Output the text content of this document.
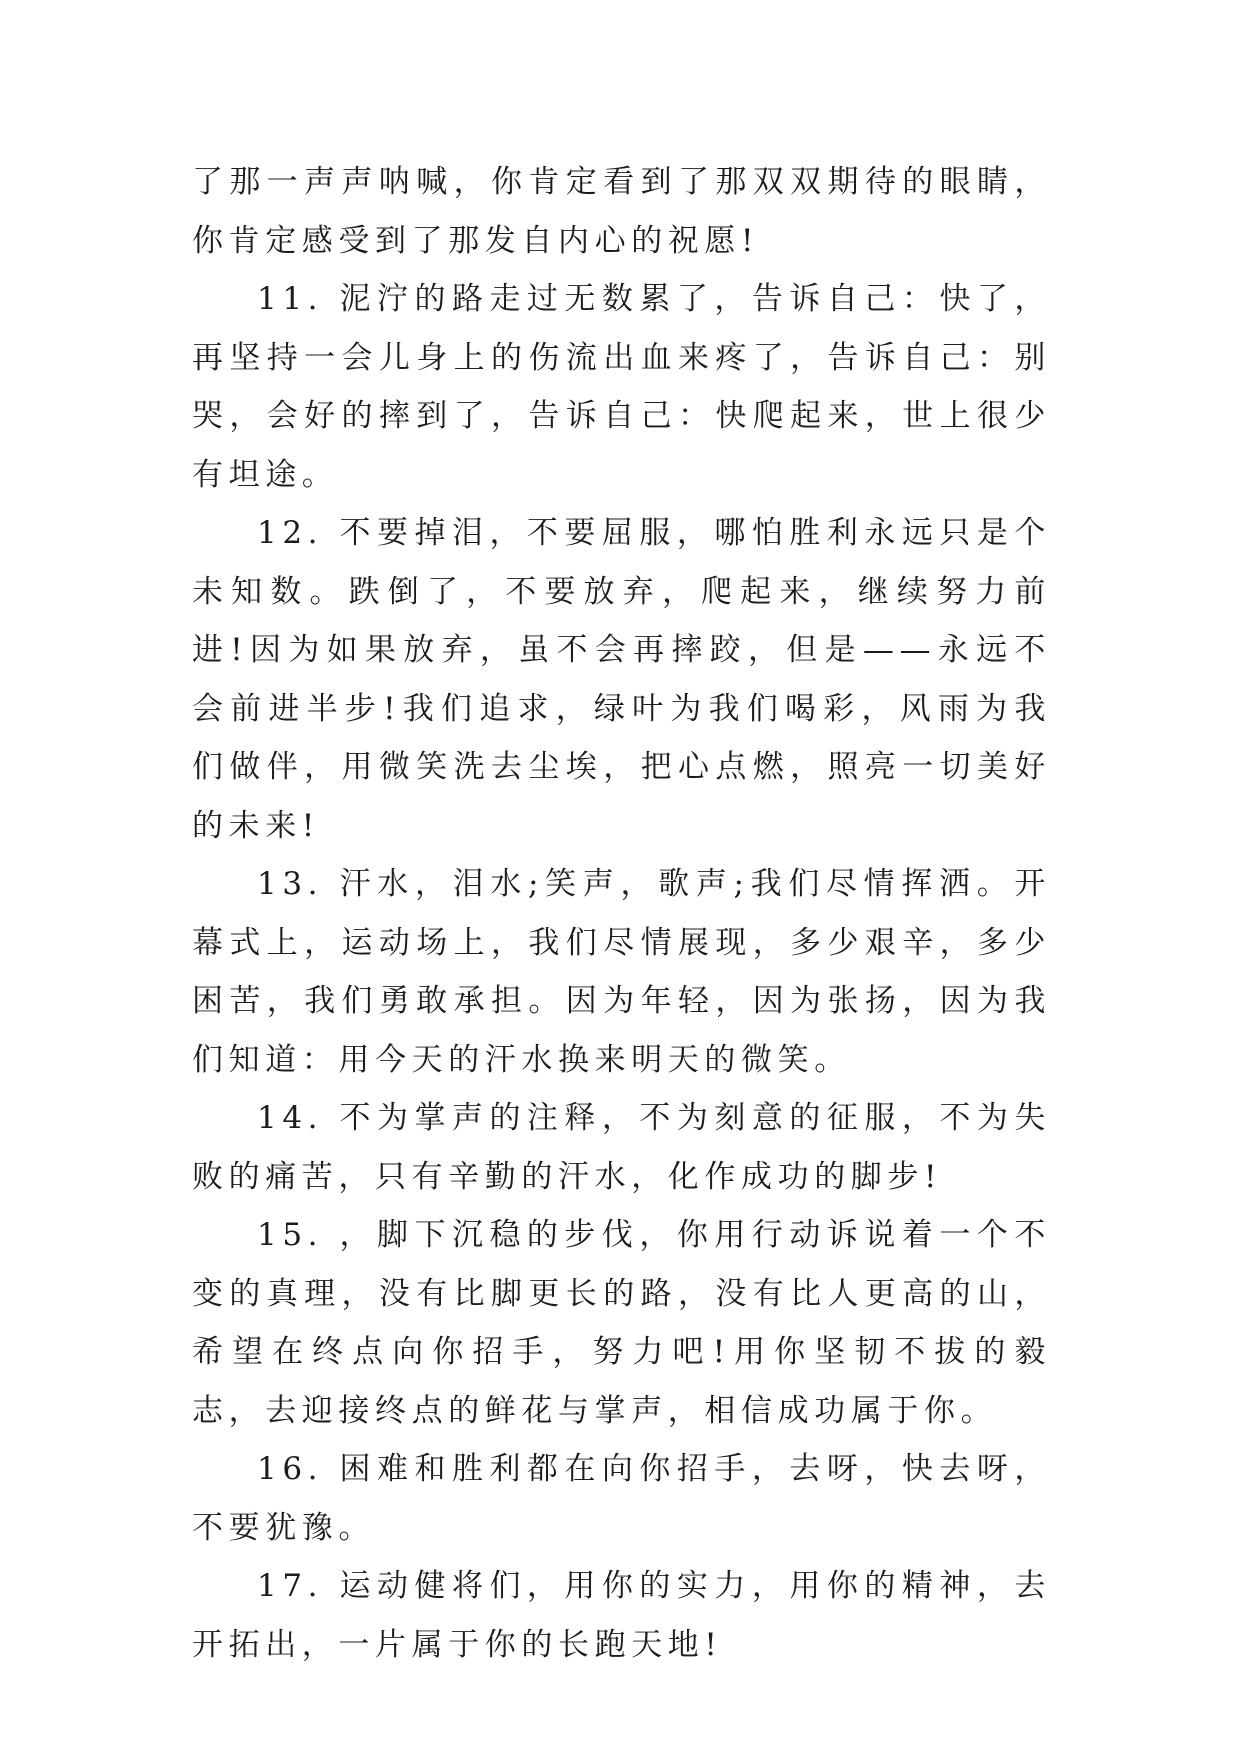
了那一声声呐喊，你肯定看到了那双双期待的眼睛，你肯定感受到了那发自内心的祝愿!

11. 泥泞的路走过无数累了，告诉自己：快了，再坚持一会儿身上的伤流出血来疼了，告诉自己：别哭，会好的摔到了，告诉自己：快爬起来，世上很少有坦途。

12. 不要掉泪，不要屈服，哪怕胜利永远只是个未知数。跌倒了，不要放弃，爬起来，继续努力前进!因为如果放弃，虽不会再摔跤，但是——永远不会前进半步!我们追求，绿叶为我们喝彩，风雨为我们做伴，用微笑洗去尘埃，把心点燃，照亮一切美好的未来!

13. 汗水，泪水;笑声，歌声;我们尽情挥洒。开幕式上，运动场上，我们尽情展现，多少艰辛，多少困苦，我们勇敢承担。因为年轻，因为张扬，因为我们知道：用今天的汗水换来明天的微笑。

14. 不为掌声的注释，不为刻意的征服，不为失败的痛苦，只有辛勤的汗水，化作成功的脚步!

15. ，脚下沉稳的步伐，你用行动诉说着一个不变的真理，没有比脚更长的路，没有比人更高的山，希望在终点向你招手，努力吧!用你坚韧不拔的毅志，去迎接终点的鲜花与掌声，相信成功属于你。

16. 困难和胜利都在向你招手，去呀，快去呀，不要犹豫。

17. 运动健将们，用你的实力，用你的精神，去开拓出，一片属于你的长跑天地!
